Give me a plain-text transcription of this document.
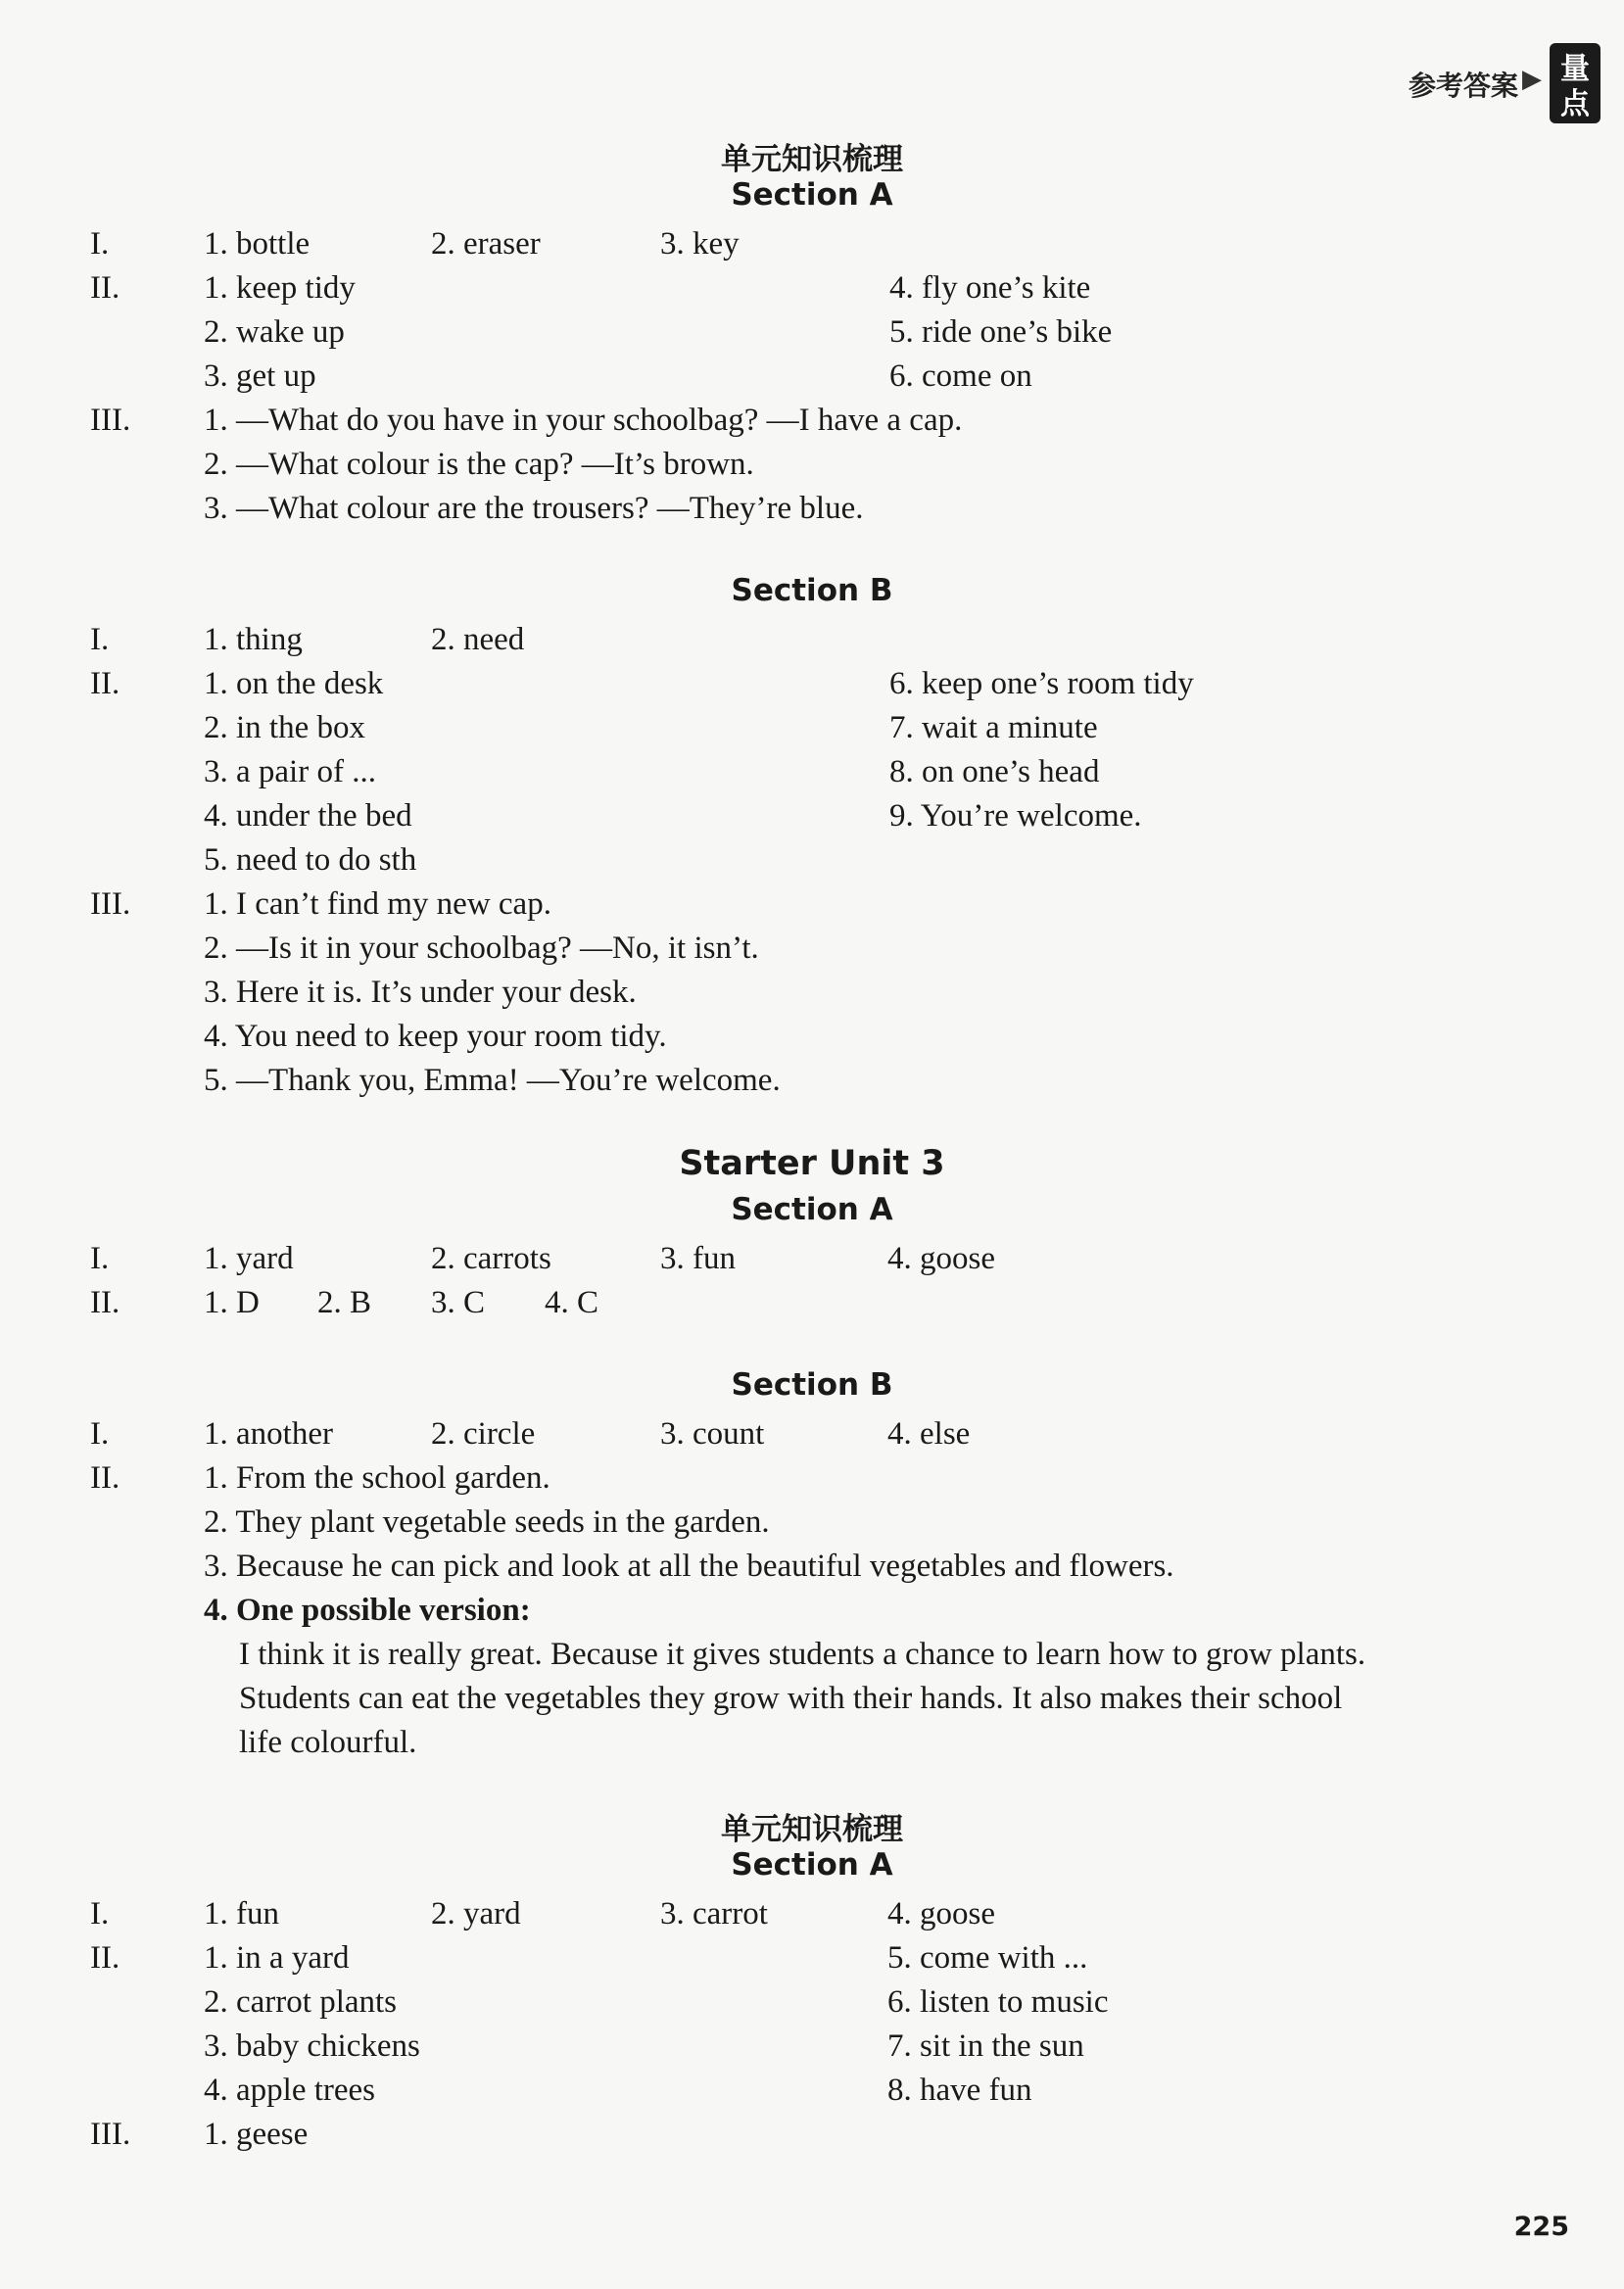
参考答案 ▶ 量
点
单元知识梳理
Section A
I.	1. bottle	2. eraser	3. key
II.	1. keep tidy
2. wake up
3. get up
4. fly one’s kite
5. ride one’s bike
6. come on
III. 1. —What do you have in your schoolbag? —I have a cap.
2. —What colour is the cap? —It’s brown.
3. —What colour are the trousers? —They’re blue.
Section B
I.	1. thing	2. need
II.	1. on the desk
2. in the box
3. a pair of ...
4. under the bed
5. need to do sth
6. keep one’s room tidy
7. wait a minute
8. on one’s head
9. You’re welcome.
III. 1. I can’t find my new cap.
2. —Is it in your schoolbag? —No, it isn’t.
3. Here it is. It’s under your desk.
4. You need to keep your room tidy.
5. —Thank you, Emma! —You’re welcome.
Starter Unit 3
Section A
I.	1. yard	2. carrots	3. fun	4. goose
II.	1. D 2. B 3. C 4. C
Section B
I.	1. another	2. circle	3. count	4. else
II.	1. From the school garden.
2. They plant vegetable seeds in the garden.
3. Because he can pick and look at all the beautiful vegetables and flowers.
4. One possible version:
I think it is really great. Because it gives students a chance to learn how to grow plants.
Students can eat the vegetables they grow with their hands. It also makes their school
life colourful.
单元知识梳理
Section A
I.	1. fun	2. yard	3. carrot	4. goose
II.	1. in a yard
2. carrot plants
3. baby chickens
4. apple trees
5. come with ...
6. listen to music
7. sit in the sun
8. have fun
III. 1. geese
225
